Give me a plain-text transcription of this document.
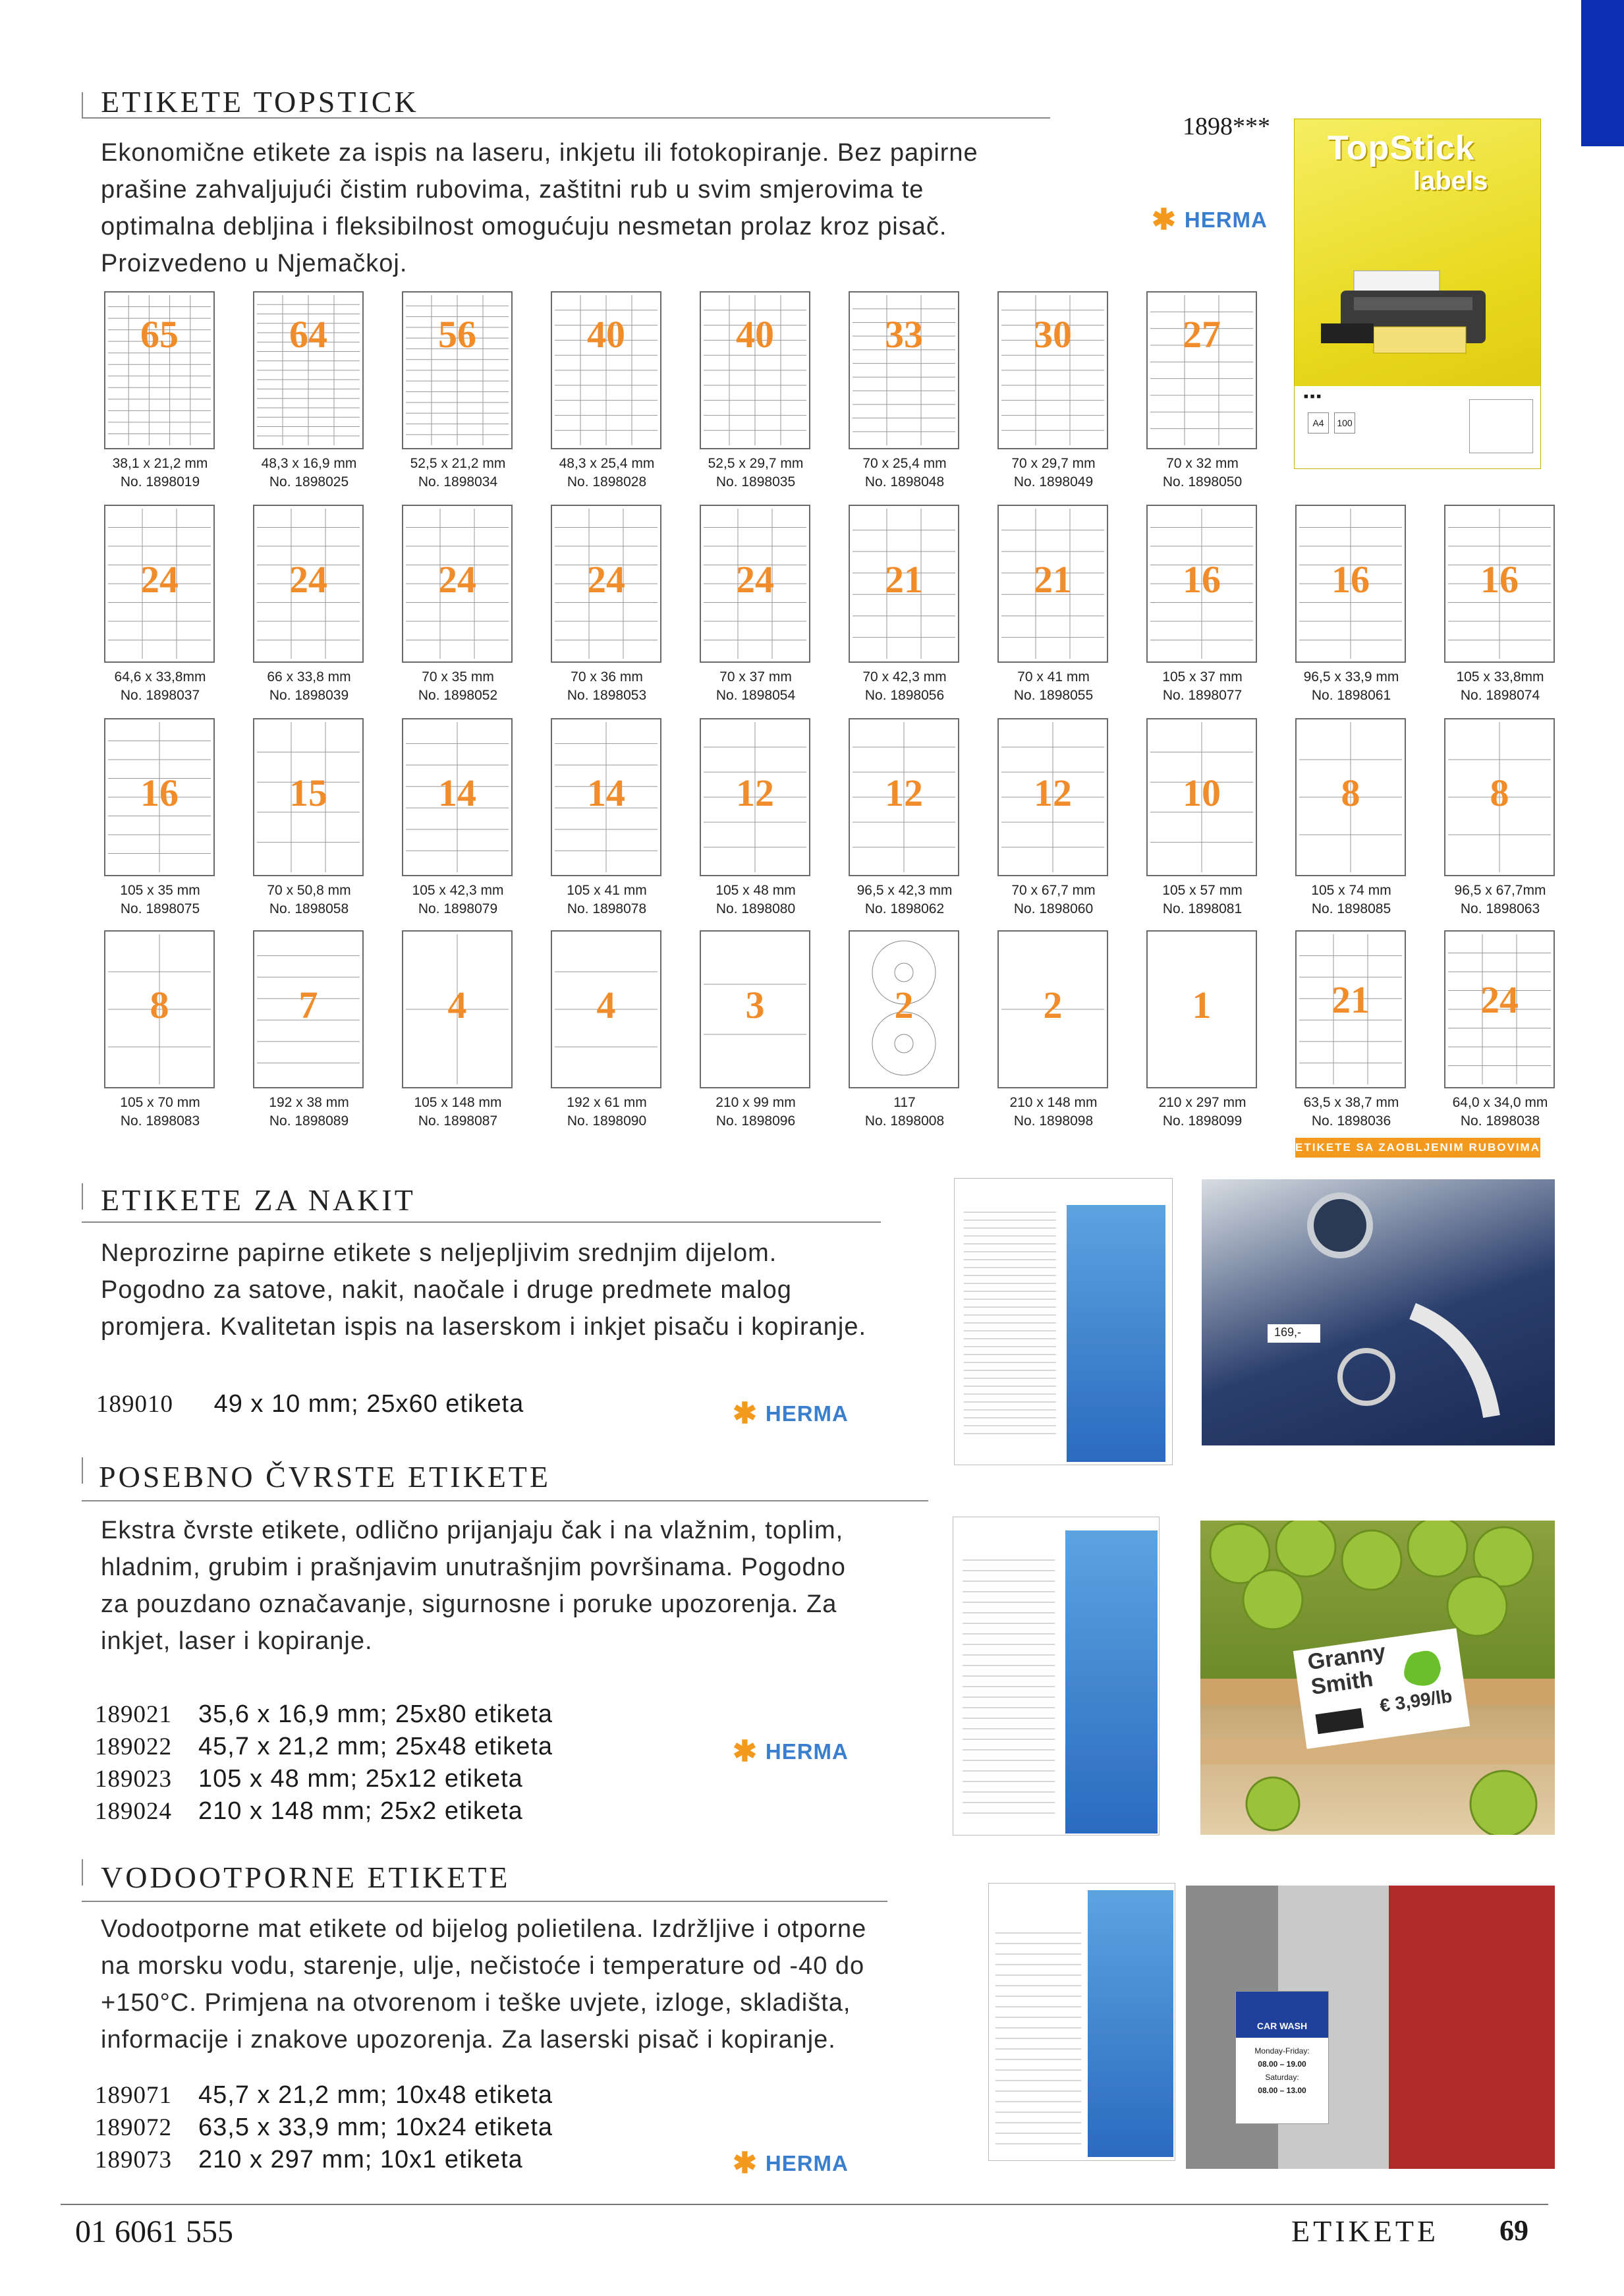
ETIKETE TOPSTICK
Ekonomične etikete za ispis na laseru, inkjetu ili fotokopiranje. Bez papirne
prašine zahvaljujući čistim rubovima, zaštitni rub u svim smjerovima te
optimalna debljina i fleksibilnost omogućuju nesmetan prolaz kroz pisač.
Proizvedeno u Njemačkoj.
1898***
✱ HERMA
TopStick
labels
■ ■ ■
A4	100
65
38,1 x 21,2 mm
No. 1898019
64
48,3 x 16,9 mm
No. 1898025
56
52,5 x 21,2 mm
No. 1898034
40
48,3 x 25,4 mm
No. 1898028
40
52,5 x 29,7 mm
No. 1898035
33
70 x 25,4 mm
No. 1898048
30
70 x 29,7 mm
No. 1898049
27
70 x 32 mm
No. 1898050
24
64,6 x 33,8mm
No. 1898037
24
66 x 33,8 mm
No. 1898039
24
70 x 35 mm
No. 1898052
24
70 x 36 mm
No. 1898053
24
70 x 37 mm
No. 1898054
21
70 x 42,3 mm
No. 1898056
21
70 x 41 mm
No. 1898055
16
105 x 37 mm
No. 1898077
16
96,5 x 33,9 mm
No. 1898061
16
105 x 33,8mm
No. 1898074
16
105 x 35 mm
No. 1898075
15
70 x 50,8 mm
No. 1898058
14
105 x 42,3 mm
No. 1898079
14
105 x 41 mm
No. 1898078
12
105 x 48 mm
No. 1898080
12
96,5 x 42,3 mm
No. 1898062
12
70 x 67,7 mm
No. 1898060
10
105 x 57 mm
No. 1898081
8
105 x 74 mm
No. 1898085
8
96,5 x 67,7mm
No. 1898063
8
105 x 70 mm
No. 1898083
7
192 x 38 mm
No. 1898089
4
105 x 148 mm
No. 1898087
4
192 x 61 mm
No. 1898090
3
210 x 99 mm
No. 1898096
2
117
No. 1898008
2
210 x 148 mm
No. 1898098
1
210 x 297 mm
No. 1898099
21
63,5 x 38,7 mm
No. 1898036
24
64,0 x 34,0 mm
No. 1898038
ETIKETE SA ZAOBLJENIM RUBOVIMA
ETIKETE ZA NAKIT
Neprozirne papirne etikete s neljepljivim srednjim dijelom.
Pogodno za satove, nakit, naočale i druge predmete malog
promjera. Kvalitetan ispis na laserskom i inkjet pisaču i kopiranje.
189010 49 x 10 mm; 25x60 etiketa	✱ HERMA
169,-
POSEBNO ČVRSTE ETIKETE
Ekstra čvrste etikete, odlično prijanjaju čak i na vlažnim, toplim,
hladnim, grubim i prašnjavim unutrašnjim površinama. Pogodno
za pouzdano označavanje, sigurnosne i poruke upozorenja. Za
inkjet, laser i kopiranje.
189021 35,6 x 16,9 mm; 25x80 etiketa
189022 45,7 x 21,2 mm; 25x48 etiketa
189023 105 x 48 mm; 25x12 etiketa
189024 210 x 148 mm; 25x2 etiketa
✱ HERMA
Granny
Smith
€ 3,99/lb
VODOOTPORNE ETIKETE
Vodootporne mat etikete od bijelog polietilena. Izdržljive i otporne
na morsku vodu, starenje, ulje, nečistoće i temperature od -40 do
+150°C. Primjena na otvorenom i teške uvjete, izloge, skladišta,
informacije i znakove upozorenja. Za laserski pisač i kopiranje.
189071 45,7 x 21,2 mm; 10x48 etiketa
189072 63,5 x 33,9 mm; 10x24 etiketa
189073 210 x 297 mm; 10x1 etiketa	✱ HERMA
CAR WASH
Monday-Friday:
08.00 – 19.00
Saturday:
08.00 – 13.00
01 6061 555	ETIKETE 69
